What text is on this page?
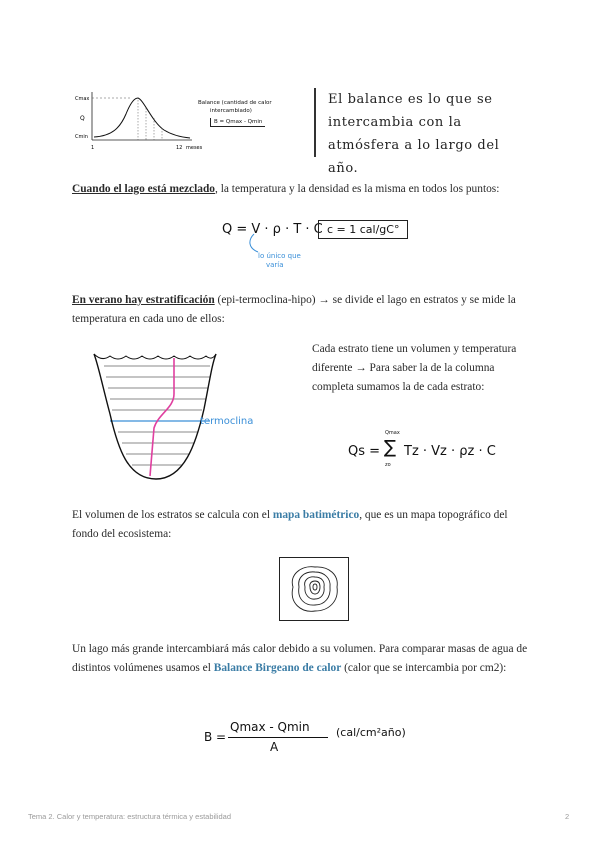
Cmax
Q
Cmin
1	12 meses
Balance (cantidad de calor
intercambiado)
B = Qmax - Qmin
El balance es lo que se intercambia con la atmósfera a lo largo del año.
Cuando el lago está mezclado, la temperatura y la densidad es la misma en todos los puntos:
Q = V · ρ · T · C c = 1 cal/gC°
lo único que
varía
En verano hay estratificación (epi-termoclina-hipo) → se divide el lago en estratos y se mide la temperatura en cada uno de ellos:
termoclina
Cada estrato tiene un volumen y temperatura diferente → Para saber la de la columna completa sumamos la de cada estrato:
Qs =
Qmax
∑
zo
Tz · Vz · ρz · C
El volumen de los estratos se calcula con el mapa batimétrico, que es un mapa topográfico del fondo del ecosistema:
Un lago más grande intercambiará más calor debido a su volumen. Para comparar masas de agua de distintos volúmenes usamos el Balance Birgeano de calor (calor que se intercambia por cm2):
B =
Qmax - Qmin
A
(cal/cm²año)
Tema 2. Calor y temperatura: estructura térmica y estabilidad	2
